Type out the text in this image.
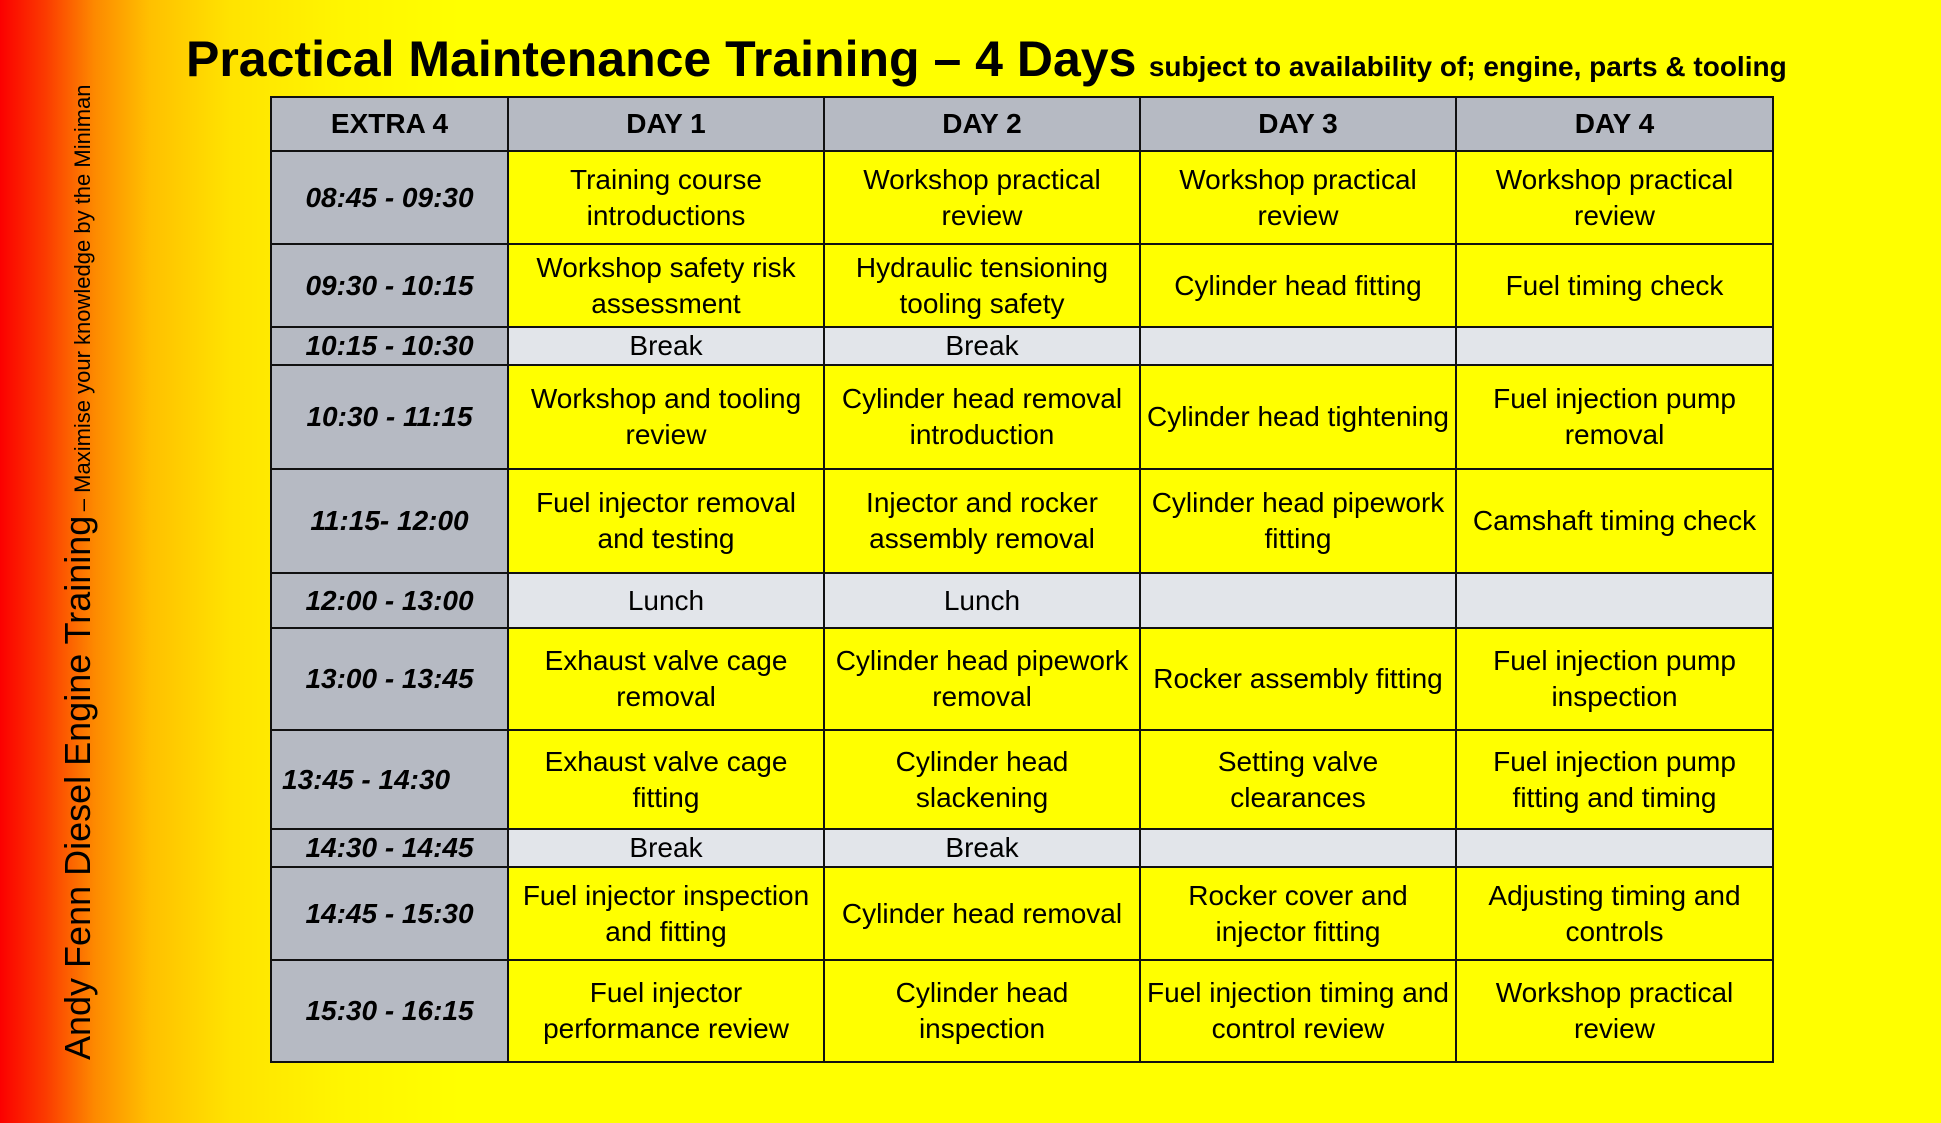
Andy Fenn Diesel Engine Training – Maximise your knowledge by the Miniman
Practical Maintenance Training – 4 Days subject to availability of; engine, parts & tooling
EXTRA 4	DAY 1	DAY 2	DAY 3	DAY 4
08:45 - 09:30	Training course introductions	Workshop practical review	Workshop practical review	Workshop practical review
09:30 - 10:15	Workshop safety risk assessment	Hydraulic tensioning tooling safety	Cylinder head fitting	Fuel timing check
10:15 - 10:30	Break	Break		
10:30 - 11:15	Workshop and tooling review	Cylinder head removal introduction	Cylinder head tightening	Fuel injection pump removal
11:15- 12:00	Fuel injector removal and testing	Injector and rocker assembly removal	Cylinder head pipework fitting	Camshaft timing check
12:00 - 13:00	Lunch	Lunch		
13:00 - 13:45	Exhaust valve cage removal	Cylinder head pipework removal	Rocker assembly fitting	Fuel injection pump inspection
13:45 - 14:30	Exhaust valve cage fitting	Cylinder head slackening	Setting valve clearances	Fuel injection pump fitting and timing
14:30 - 14:45	Break	Break		
14:45 - 15:30	Fuel injector inspection and fitting	Cylinder head removal	Rocker cover and injector fitting	Adjusting timing and controls
15:30 - 16:15	Fuel injector performance review	Cylinder head inspection	Fuel injection timing and control review	Workshop practical review
